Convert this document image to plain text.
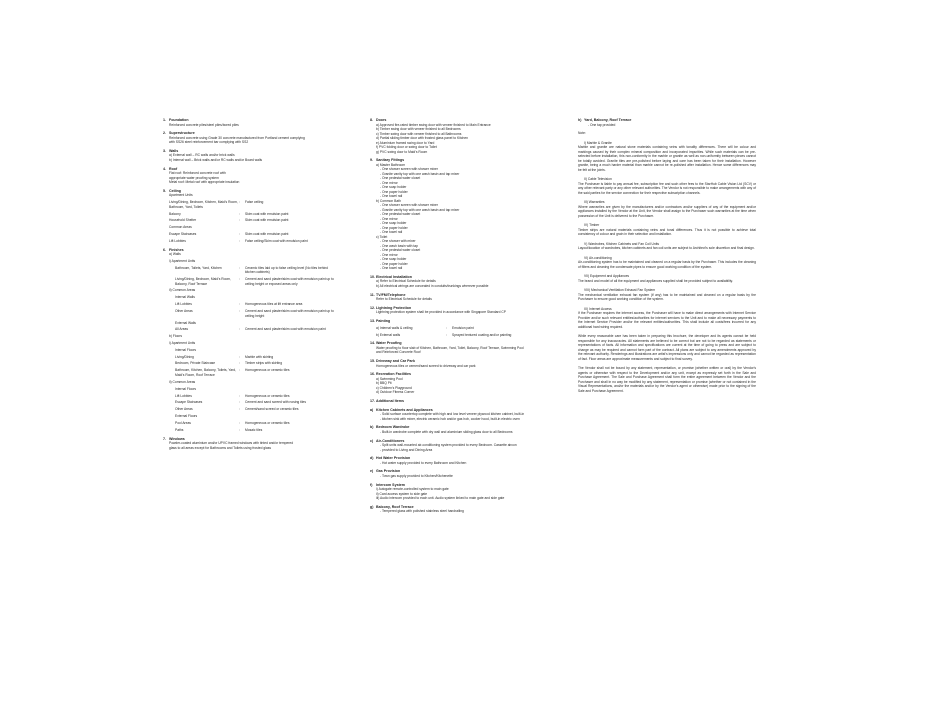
1. Foundation
Reinforced concrete piles/steel piles/bored piles
2. Superstructure
Reinforced concrete using Grade 30 concrete manufactured from Portland cement complying
with SS26 steel reinforcement bar complying with SS2
3. Walls
a) External wall – RC walls and/or brick walls
b) Internal wall – Brick walls and/or RC walls and/or Board walls
4. Roof
Flat roof: Reinforced concrete roof with
appropriate water proofing system
Metal roof: Metal roof with appropriate insulation
5. Ceiling
Apartment Units
Living/Dining, Bedroom, Kitchen, Maid's Room, Bathroom, Yard, Toilets
:	False ceiling
Balcony	:	Skim coat with emulsion paint
Household Shelter	:	Skim coat with emulsion paint
Common Areas
Escape Staircases	:	Skim coat with emulsion paint
Lift Lobbies	:	False ceiling/Skim coat with emulsion paint
6. Finishes
a) Walls
i) Apartment Units
Bathroom, Toilets, Yard, Kitchen	:	Ceramic tiles laid up to false ceiling level (No tiles behind kitchen cabinets)
Living/Dining, Bedroom, Maid's Room, Balcony, Roof Terrace
:	Cement and sand plaster/skim coat with emulsion paint up to ceiling height or exposed areas only
ii) Common Areas
Internal Walls
Lift Lobbies	:	Homogeneous tiles at lift entrance area
Other Areas	:	Cement and sand plaster/skim coat with emulsion paint up to ceiling height
External Walls
All Areas	:	Cement and sand plaster/skim coat with emulsion paint
b) Floors
i) Apartment Units
Internal Floors
Living/Dining	:	Marble with skirting
Bedroom, Private Staircase	:	Timber strips with skirting
Bathroom, Kitchen, Balcony, Toilets, Yard, Maid's Room, Roof Terrace
:	Homogeneous or ceramic tiles
ii) Common Areas
Internal Floors
Lift Lobbies	:	Homogeneous or ceramic tiles
Escape Staircases	:	Cement and sand screed with nosing tiles
Other Areas	:	Cement/sand screed or ceramic tiles
External Floors
Pool Areas	:	Homogeneous or ceramic tiles
Paths	:	Mosaic tiles
7. Windows
Powder-coated aluminium and/or UPVC framed windows with tinted and/or tempered
glass to all areas except for Bathrooms and Toilets using frosted glass
8. Doors
a) Approved fire-rated timber swing door with veneer finished to Main Entrance
b) Timber swing door with veneer finished to all Bedrooms
c) Timber swing door with veneer finished to all Bathrooms
d) Partial sliding timber door with frosted glass panel to Kitchen
e) Aluminium framed swing door to Yard
f) PVC folding door or swing door to Toilet
g) PVC swing door to Maid's Room
9. Sanitary Fittings
a) Master Bathroom
- One shower screen with shower mixer
- Granite vanity top with one wash basin and tap mixer
- One pedestal water closet
- One mirror
- One soap holder
- One paper holder
- One towel rail
b) Common Bath
- One shower screen with shower mixer
- Granite vanity top with one wash basin and tap mixer
- One pedestal water closet
- One mirror
- One soap holder
- One paper holder
- One towel rail
c) Toilet
- One shower with mixer
- One wash basin with tap
- One pedestal water closet
- One mirror
- One soap holder
- One paper holder
- One towel rail
10.Electrical Installation
a) Refer to Electrical Schedule for details
b) All electrical wirings are concealed in conduits/trunkings wherever possible
11.TV/FM/Telephone
Refer to Electrical Schedule for details
12.Lightning Protection
Lightning protection system shall be provided in accordance with Singapore Standard CP
13.Painting
a) Internal walls & ceiling	:	Emulsion paint
b) External walls	:	Sprayed textured coating and/or painting
14.Water Proofing
Water proofing to floor slab of Kitchen, Bathroom, Yard, Toilet, Balcony, Roof Terrace, Swimming Pool
and Reinforced Concrete Roof
15.Driveway and Car Park
Homogeneous tiles or cement/sand screed to driveway and car park
16.Recreation Facilities
a) Swimming Pool
b) BBQ Pit
c) Children's Playground
d) Outdoor Fitness Corner
17.Additional Items
a) Kitchen Cabinets and Appliances
- Solid surface countertop complete with high and low level veneer plywood kitchen cabinet, built-in
- kitchen sink with mixer, electric ceramic hob and/or gas hob, cooker hood, built-in electric oven
b) Bedroom Wardrobe
- Built-in wardrobe complete with dry wall and aluminium sliding glass door to all Bedrooms
c) Air-Conditioners
- Split units wall-mounted air-conditioning system provided to every Bedroom. Cassette aircon
- provided to Living and Dining Area
d) Hot Water Provision
- Hot water supply provided to every Bathroom and Kitchen
e) Gas Provision
- Town gas supply provided to Kitchen/Kitchenette
f) Intercom System
i) Autogate remote-controlled system to main gate
ii) Card access system to side gate
iii) Audio intercom provided to each unit. Audio system linked to main gate and side gate
g) Balcony, Roof Terrace
- Tempered glass with polished stainless steel handrailing
h) Yard, Balcony, Roof Terrace
- One tap provided
Note:
I) Marble & Granite
Marble and granite are natural stone materials containing veins with tonality differences. There will be colour and markings caused by their complex mineral composition and incorporated impurities. While such materials can be pre-selected before installation, this non-conformity in the marble or granite as well as non-uniformity between pieces cannot be totally avoided. Granite tiles are pre-polished before laying and care has been taken for their installation. However granite, being a much harder material than marble cannot be re-polished after installation. Hence some differences may be felt at the joints.
II) Cable Television
The Purchaser is liable to pay annual fee, subscription fee and such other fees to the StarHub Cable Vision Ltd (SCV) or any other relevant party or any other relevant authorities. The Vendor is not responsible to make arrangements with any of the said parties for the service connection for their respective subscription channels.
III) Warranties
Where warranties are given by the manufacturers and/or contractors and/or suppliers of any of the equipment and/or appliances installed by the Vendor at the Unit, the Vendor shall assign to the Purchaser such warranties at the time when possession of the Unit is delivered to the Purchaser.
IV) Timber
Timber strips are natural materials containing veins and tonal differences. Thus it is not possible to achieve total consistency of colour and grain in their selection and installation.
V) Wardrobes, Kitchen Cabinets and Fan Coil Units
Layout/location of wardrobes, kitchen cabinets and fan coil units are subject to Architect's sole discretion and final design.
VI) Air-conditioning
Air-conditioning system has to be maintained and cleaned on a regular basis by the Purchaser. This includes the cleaning of filters and cleaning the condensate pipes to ensure good working condition of the system.
VII) Equipment and Appliances
The brand and model of all the equipment and appliances supplied shall be provided subject to availability.
VIII) Mechanical Ventilation Exhaust Fan System
The mechanical ventilation exhaust fan system (if any) has to be maintained and cleaned on a regular basis by the Purchaser to ensure good working condition of the system.
IX) Internet Access
If the Purchaser requires the internet access, the Purchaser will have to make direct arrangements with Internet Service Provider and/or such relevant entities/authorities for internet services to the Unit and to make all necessary payments to the Internet Service Provider and/or the relevant entities/authorities. This shall include all costs/fees incurred for any additional hard wiring required.
While every reasonable care has been taken in preparing this brochure, the developer and its agents cannot be held responsible for any inaccuracies. All statements are believed to be correct but are not to be regarded as statements or representations of facts. All information and specifications are current at the time of going to press and are subject to change as may be required and cannot form part of the contract. All plans are subject to any amendments approved by the relevant authority. Renderings and illustrations are artist's impressions only and cannot be regarded as representation of fact. Floor areas are approximate measurements and subject to final survey.
The Vendor shall not be bound by any statement, representation, or promise (whether written or oral) by the Vendor's agents or otherwise with respect to the Development and/or any unit, except as expressly set forth in the Sale and Purchase Agreement. The Sale and Purchase Agreement shall form the entire agreement between the Vendor and the Purchaser and shall in no way be modified by any statement, representation or promise (whether or not contained in the Visual Representations, and/or the materials and/or by the Vendor's agent or otherwise) made prior to the signing of the Sale and Purchase Agreement.
